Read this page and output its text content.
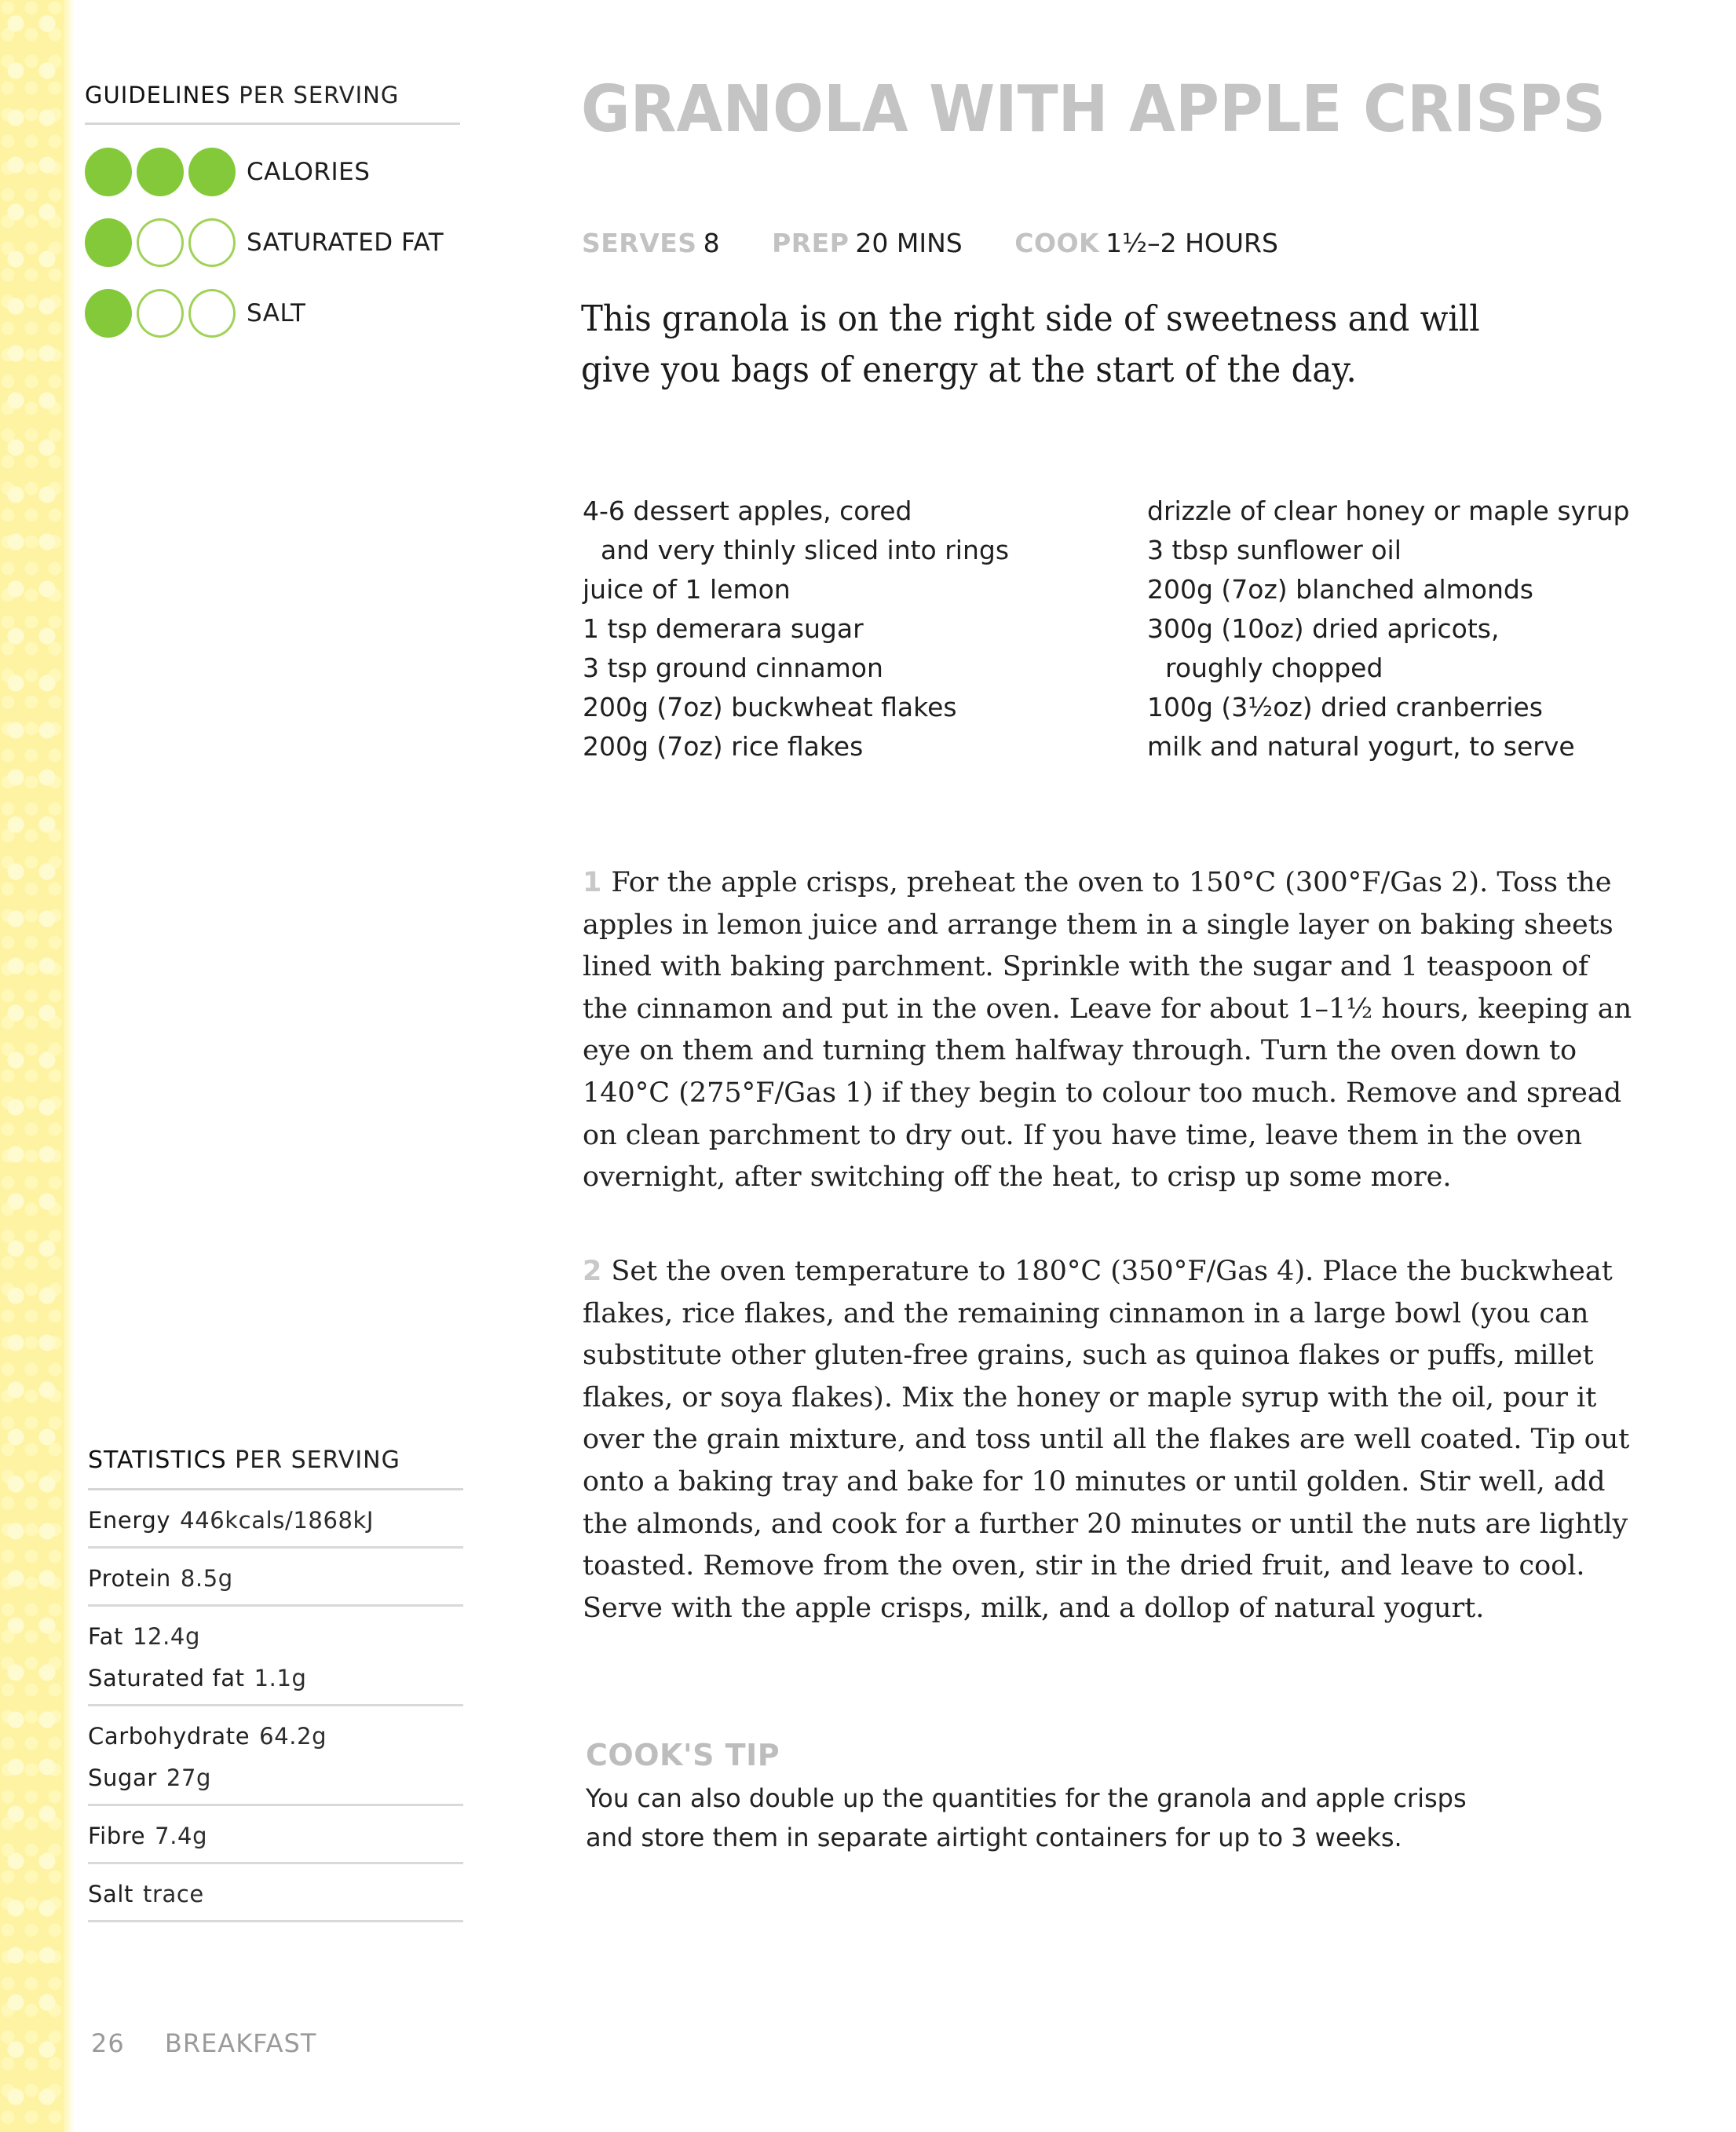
GUIDELINES PER SERVING
CALORIES
SATURATED FAT
SALT
STATISTICS PER SERVING
Energy 446kcals/1868kJ
Protein 8.5g
Fat 12.4g
Saturated fat 1.1g
Carbohydrate 64.2g
Sugar 27g
Fibre 7.4g
Salt trace
26 BREAKFAST
GRANOLA WITH APPLE CRISPS
SERVES 8 PREP 20 MINS COOK 1½–2 HOURS
This granola is on the right side of sweetness and will give you bags of energy at the start of the day.
4-6 dessert apples, cored
and very thinly sliced into rings
juice of 1 lemon
1 tsp demerara sugar
3 tsp ground cinnamon
200g (7oz) buckwheat flakes
200g (7oz) rice flakes
drizzle of clear honey or maple syrup
3 tbsp sunflower oil
200g (7oz) blanched almonds
300g (10oz) dried apricots,
roughly chopped
100g (3½oz) dried cranberries
milk and natural yogurt, to serve
1 For the apple crisps, preheat the oven to 150°C (300°F/Gas 2). Toss the
apples in lemon juice and arrange them in a single layer on baking sheets
lined with baking parchment. Sprinkle with the sugar and 1 teaspoon of
the cinnamon and put in the oven. Leave for about 1–1½ hours, keeping an
eye on them and turning them halfway through. Turn the oven down to
140°C (275°F/Gas 1) if they begin to colour too much. Remove and spread
on clean parchment to dry out. If you have time, leave them in the oven
overnight, after switching off the heat, to crisp up some more.
2 Set the oven temperature to 180°C (350°F/Gas 4). Place the buckwheat
flakes, rice flakes, and the remaining cinnamon in a large bowl (you can
substitute other gluten-free grains, such as quinoa flakes or puffs, millet
flakes, or soya flakes). Mix the honey or maple syrup with the oil, pour it
over the grain mixture, and toss until all the flakes are well coated. Tip out
onto a baking tray and bake for 10 minutes or until golden. Stir well, add
the almonds, and cook for a further 20 minutes or until the nuts are lightly
toasted. Remove from the oven, stir in the dried fruit, and leave to cool.
Serve with the apple crisps, milk, and a dollop of natural yogurt.
COOK'S TIP
You can also double up the quantities for the granola and apple crisps
and store them in separate airtight containers for up to 3 weeks.
